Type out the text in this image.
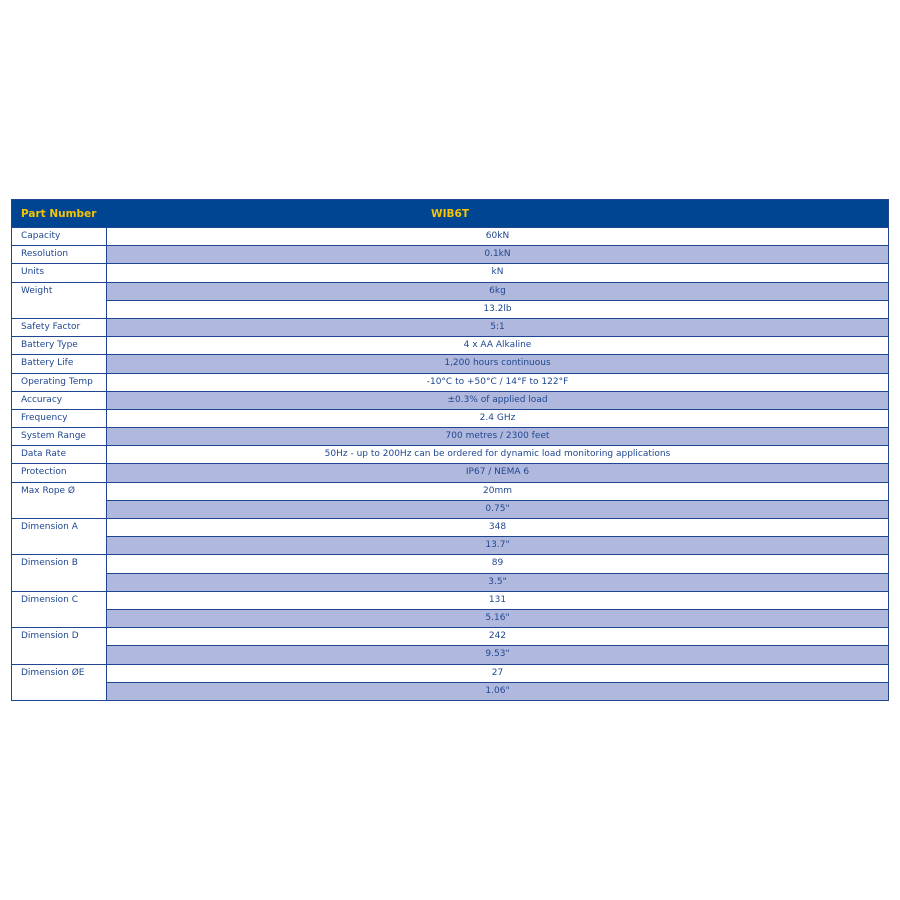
Part Number	WIB6T
Capacity	60kN
Resolution	0.1kN
Units	kN
Weight	6kg
13.2lb
Safety Factor	5:1
Battery Type	4 x AA Alkaline
Battery Life	1,200 hours continuous
Operating Temp	-10°C to +50°C / 14°F to 122°F
Accuracy	±0.3% of applied load
Frequency	2.4 GHz
System Range	700 metres / 2300 feet
Data Rate	50Hz - up to 200Hz can be ordered for dynamic load monitoring applications
Protection	IP67 / NEMA 6
Max Rope Ø	20mm
0.75"
Dimension A	348
13.7"
Dimension B	89
3.5"
Dimension C	131
5.16"
Dimension D	242
9.53"
Dimension ØE	27
1.06"
